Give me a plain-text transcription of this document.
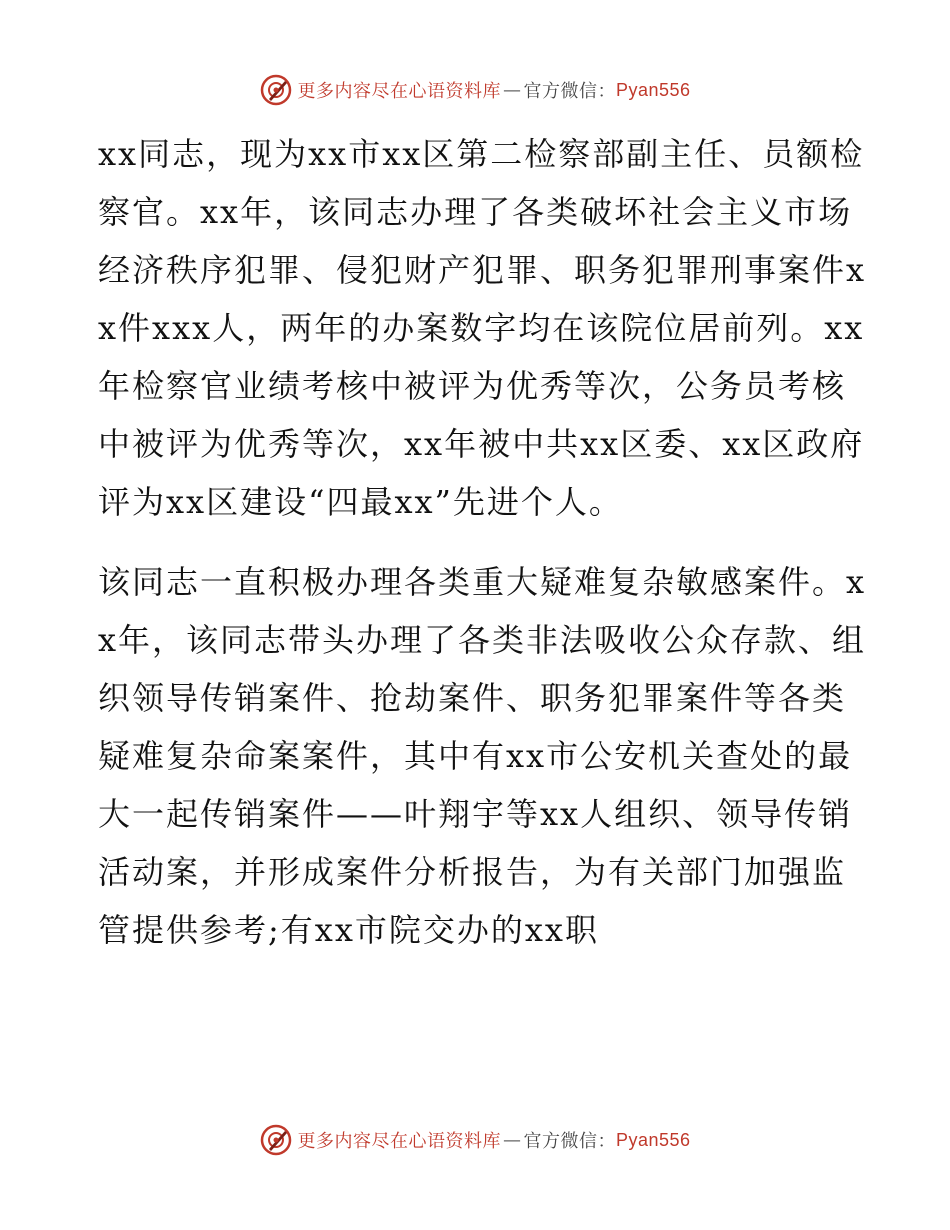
更多内容尽在心语资料库 — 官方微信： Pyan556

xx同志，现为xx市xx区第二检察部副主任、员额检察官。xx年，该同志办理了各类破坏社会主义市场经济秩序犯罪、侵犯财产犯罪、职务犯罪刑事案件xx件xxx人，两年的办案数字均在该院位居前列。xx年检察官业绩考核中被评为优秀等次，公务员考核中被评为优秀等次，xx年被中共xx区委、xx区政府评为xx区建设“四最xx”先进个人。

该同志一直积极办理各类重大疑难复杂敏感案件。xx年，该同志带头办理了各类非法吸收公众存款、组织领导传销案件、抢劫案件、职务犯罪案件等各类疑难复杂命案案件，其中有xx市公安机关查处的最大一起传销案件——叶翔宇等xx人组织、领导传销活动案，并形成案件分析报告，为有关部门加强监管提供参考;有xx市院交办的xx职

更多内容尽在心语资料库 — 官方微信： Pyan556
